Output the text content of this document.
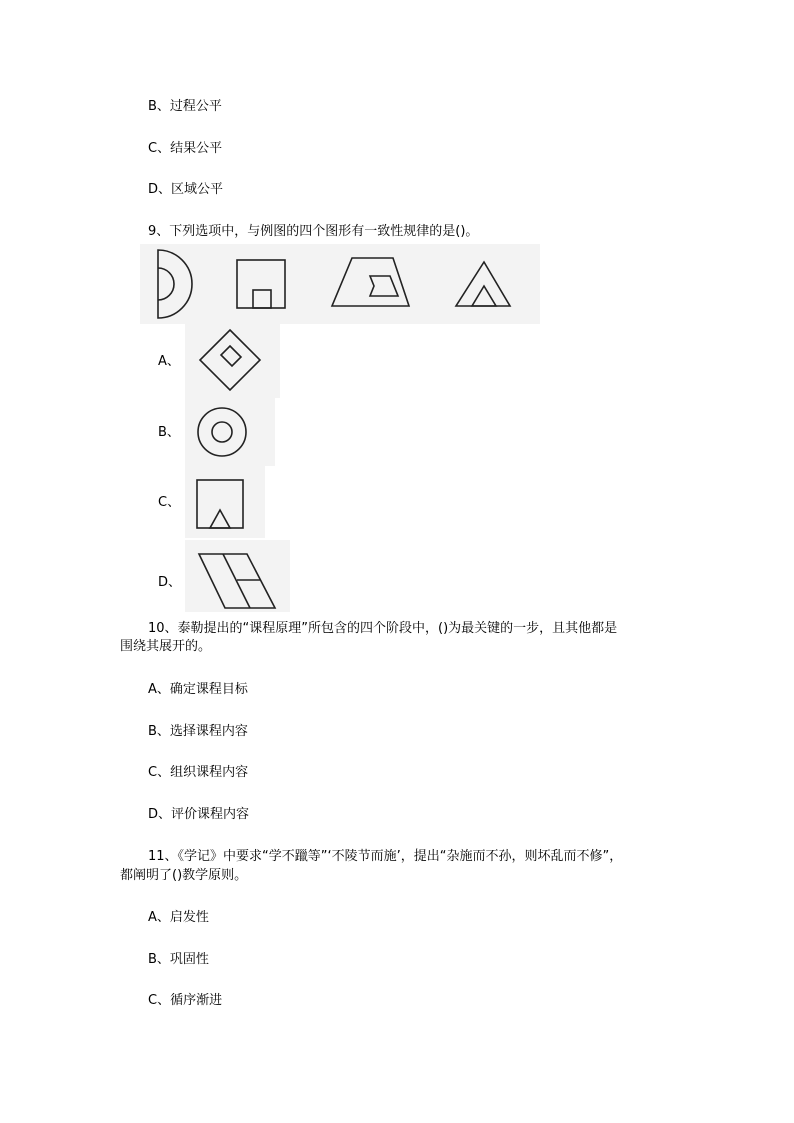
B、过程公平
C、结果公平
D、区域公平
9、下列选项中，与例图的四个图形有一致性规律的是()。
A、
B、
C、
D、
10、泰勒提出的“课程原理”所包含的四个阶段中，()为最关键的一步，且其他都是
围绕其展开的。
A、确定课程目标
B、选择课程内容
C、组织课程内容
D、评价课程内容
11、《学记》中要求“学不躐等”‘不陵节而施’，提出“杂施而不孙，则坏乱而不修”，
都阐明了()教学原则。
A、启发性
B、巩固性
C、循序渐进
